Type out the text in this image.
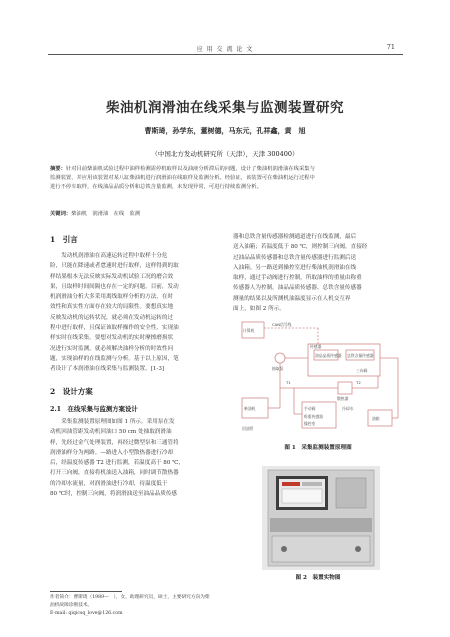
应 用 交 流 论 文	71
柴油机润滑油在线采集与监测装置研究
曹斯琦，孙学东，董树德，马东元，孔祥鑫，黄　旭
（中国北方发动机研究所（天津），天津 300400）
摘要：针对目前柴油机试验过程中油样检测需停机取样以及油液分析滞后的问题，设计了柴油机润滑油在线采集与
监测装置，并应用该装置对某八缸柴油机进行润滑油在线取样及监测分析。经验证，该装置可在柴油机运行过程中
进行不停车取样，在线油品品质分析和总铁含量监测，未发现异常，可进行持续监测分析。
关键词：柴油机　润滑油　在线　监测
1　引言
　　发动机润滑油在高速运转过程中取样十分危
险，只能在降速或者怠速时进行取样，这样得到的取
样结果根本无法反映实际发动机试验工况的磨合效
果，且取样时间间隔也存在一定的问题。目前，发动
机润滑油分析大多采用离线取样分析的方法，在时
效性和真实性方面存在较大的局限性。要想真实地
反映发动机的运转状况，就必须在发动机运转的过
程中进行取样，且保证该取样操作的安全性，实现油
样实时在线采集。要想对发动机的实时摩擦磨损状
况进行实时监测，就必须解决油样分析的时效性问
题，实现油样的在线监测与分析。基于以上原因，笔
者设计了本润滑油在线采集与监测装置。[1-3]
2　设计方案
2.1　在线采集与监测方案设计
　　采集监测装置原理图如图 1 所示。采用泵在发
动机回油管距发动机回油口 50 cm 处抽取润滑油
样，先经过金气处理装置，再经过微型泵和三通管将
润滑油样分为两路。—路进入小型散热器进行冷却
后，经温度传感器 T2 进行监测，若温度高于 80 ℃，
打开三向阀，直接将机油送入油箱，同时调节散热器
的冷却水流量，对润滑油进行冷却，待温度低于
80 ℃时，控制三向阀，将润滑油送至油品品质传感
作者简介：曹斯琦（1989—　），女，助理研究员，硕士，主要研究方向为柴
油机故障诊断技术。
E-mail: qiqicsq_love@126.com
器和总铁含量传感器检测通道进行在线监测，最后
送入油箱；若温度低于 80 ℃，则控制三向阀，直接经
过油品品质传感器和总铁含量传感器进行监测后送
入油箱。另一路送到操控室进行柴油机润滑油在线
取样，通过手动阀进行控制，所取油样的重量由称重
传感器人为控制。油品品质传感器、总铁含量传感器
测量的结果以及所测机油温度显示在人机交互界
面上，如图 2 所示。
计算机
CAN信号线
抽取泵
传感器
油品品质传感器 总铁含量传感器
三向阀
T1	T2
散热器
柴油机
油箱
手动阀
称重传感器
操控室
回油管
冷却水
图 1　采集监测装置原理图
图 2　装置实物图
